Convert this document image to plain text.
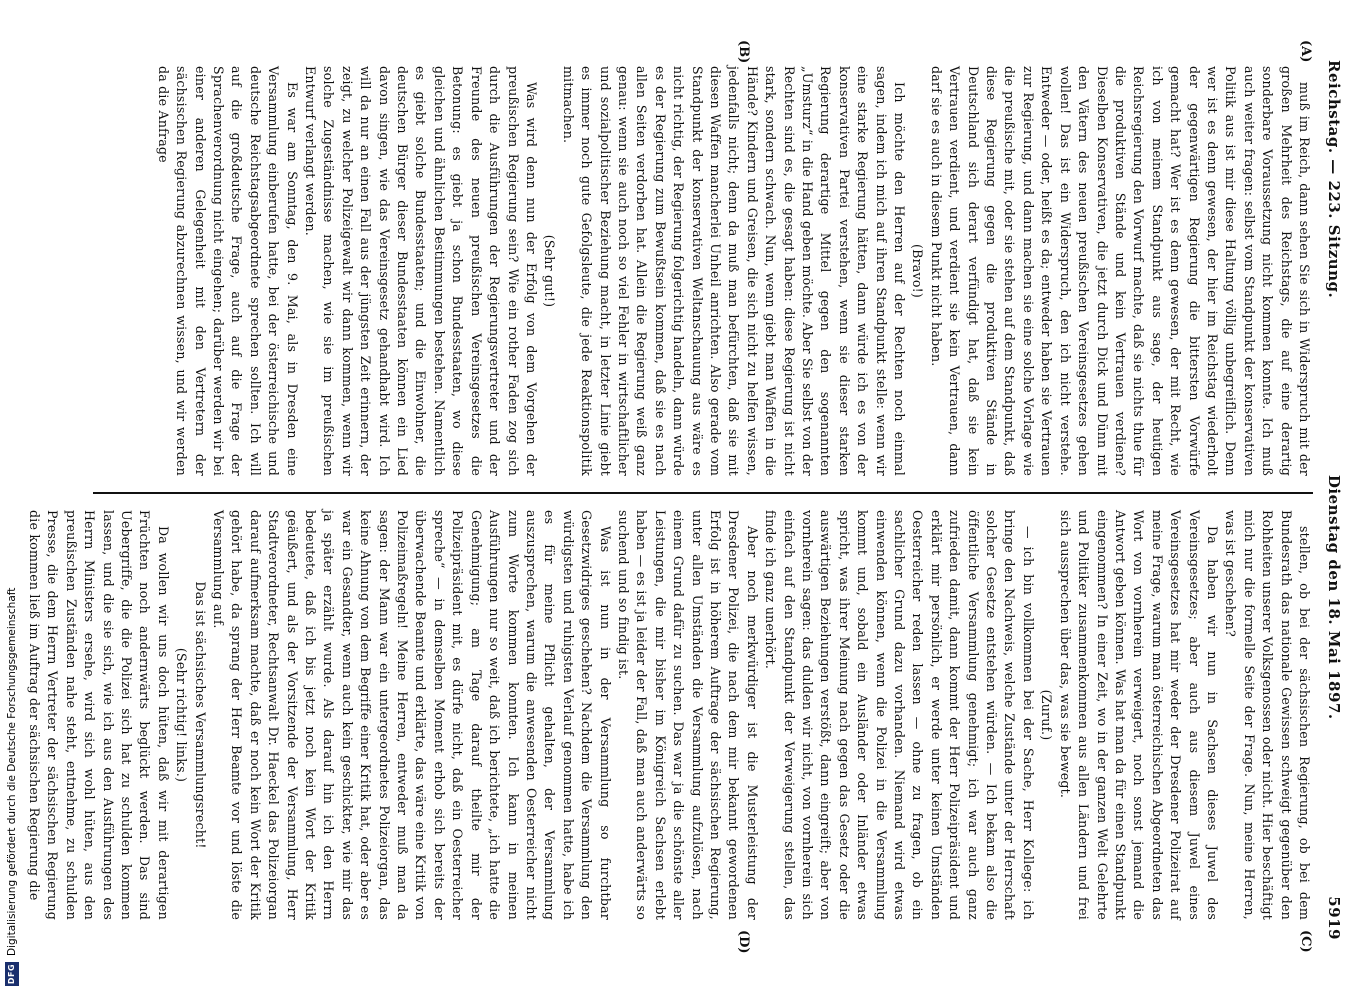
Reichstag. — 223. Sitzung.
Dienstag den 18. Mai 1897.
5919
(A)
(B)
(C)
(D)

muß im Reich, dann sehen Sie sich in Widerspruch mit der großen Mehrheit des Reichstags, die auf eine derartig sonderbare Voraussetzung nicht kommen konnte. Ich muß auch weiter fragen: selbst vom Standpunkt der konservativen Politik aus ist mir diese Haltung völlig unbegreiflich. Denn wer ist es denn gewesen, der hier im Reichstag wiederholt der gegenwärtigen Regierung die bittersten Vorwürfe gemacht hat? Wer ist es denn gewesen, der mit Recht, wie ich von meinem Standpunkt aus sage, der heutigen Reichsregierung den Vorwurf machte, daß sie nichts thue für die produktiven Stände und kein Vertrauen verdiene? Dieselben Konservativen, die jetzt durch Dick und Dünn mit den Vätern des neuen preußischen Vereinsgesetzes gehen wollen! Das ist ein Widerspruch, den ich nicht verstehe. Entweder — oder, heißt es da; entweder haben sie Vertrauen zur Regierung, und dann machen sie eine solche Vorlage wie die preußische mit, oder sie stehen auf dem Standpunkt, daß diese Regierung gegen die produktiven Stände in Deutschland sich derart verfündigt hat, daß sie kein Vertrauen verdient, und verdient sie kein Vertrauen, dann darf sie es auch in diesem Punkt nicht haben.

(Bravo!)

Ich möchte den Herren auf der Rechten noch einmal sagen, indem ich mich auf ihren Standpunkt stelle: wenn wir eine starke Regierung hätten, dann würde ich es von der konservativen Partei verstehen, wenn sie dieser starken Regierung derartige Mittel gegen den sogenannten „Umsturz“ in die Hand geben möchte. Aber Sie selbst von der Rechten sind es, die gesagt haben: diese Regierung ist nicht stark, sondern schwach. Nun, wenn giebt man Waffen in die Hände? Kindern und Greisen, die sich nicht zu helfen wissen, jedenfalls nicht; denn da muß man befürchten, daß sie mit diesen Waffen mancherlei Unheil anrichten. Also gerade vom Standpunkt der konservativen Weltanschauung aus wäre es nicht richtig, der Regierung folgerichtig handeln, dann würde es der Regierung zum Bewußtsein kommen, daß sie es nach allen Seiten verdorben hat. Allein die Regierung weiß ganz genau: wenn sie auch noch so viel Fehler in wirtschaftlicher und sozialpolitischer Beziehung macht, in letzter Linie giebt es immer noch gute Gefolgsleute, die jede Reaktionspolitik mitmachen.

(Sehr gut!)

Was wird denn nun der Erfolg von dem Vorgehen der preußischen Regierung sein? Wie ein rother Faden zog sich durch die Ausführungen der Regierungsvertreter und der Freunde des neuen preußischen Vereinsgesetzes die Betonung: es giebt ja schon Bundesstaaten, wo diese gleichen und ähnlichen Bestimmungen bestehen. Namentlich es giebt solche Bundesstaaten; und die Einwohner, die deutschen Bürger dieser Bundesstaaten können ein Lied davon singen, wie das Vereinsgesetz gehandhabt wird. Ich will da nur an einen Fall aus der jüngsten Zeit erinnern, der zeigt, zu welcher Polizeigewalt wir dann kommen, wenn wir solche Zugeständnisse machen, wie sie im preußischen Entwurf verlangt werden.

Es war am Sonntag, den 9. Mai, als in Dresden eine Versammlung einberufen hatte, bei der österreichische und deutsche Reichstagsabgeordnete sprechen sollten. Ich will auf die großdeutsche Frage, auch auf die Frage der Sprachenverordnung nicht eingehen; darüber werden wir bei einer anderen Gelegenheit mit den Vertretern der sächsischen Regierung abzurechnen wissen, und wir werden da die Anfrage

stellen, ob bei der sächsischen Regierung, ob bei dem Bundesrath das nationale Gewissen schweigt gegenüber den Rohheiten unserer Volksgenossen oder nicht. Hier beschäftigt mich nur die formelle Seite der Frage. Nun, meine Herren, was ist geschehen?

Da haben wir nun in Sachsen dieses Juwel des Vereinsgesetzes; aber auch aus diesem Juwel eines Vereinsgesetzes hat mir weder der Dresdener Polizeirat auf meine Frage, warum man österreichischen Abgeordneten das Wort von vornherein verweigert, noch sonst jemand die Antwort geben können. Was hat man da für einen Standpunkt eingenommen? In einer Zeit, wo in der ganzen Welt Gelehrte und Politiker zusammenkommen aus allen Ländern und frei sich aussprechen über das, was sie bewegt.

(Zuruf.)

— ich bin vollkommen bei der Sache, Herr Kollege: ich bringe den Nachweis, welche Zustände unter der Herrschaft solcher Gesetze entstehen würden. — Ich bekam also die öffentliche Versammlung genehmigt; ich war auch ganz zufrieden damit, dann kommt der Herr Polizeipräsident und erklärt mir persönlich, er werde unter keinen Umständen Oesterreicher reden lassen — ohne zu fragen, ob ein sachlicher Grund dazu vorhanden. Niemand wird etwas einwenden können, wenn die Polizei in die Versammlung kommt und, sobald ein Ausländer oder Inländer etwas spricht, was ihrer Meinung nach gegen das Gesetz oder die auswärtigen Beziehungen verstößt, dann eingreift; aber von vornherein sagen: das dulden wir nicht, von vornherein sich einfach auf den Standpunkt der Verweigerung stellen, das finde ich ganz unerhört.

Aber noch merkwürdiger ist die Musterleistung der Dresdener Polizei, die nach dem mir bekannt gewordenen Erfolg ist in höherem Auftrage der sächsischen Regierung, unter allen Umständen die Versammlung aufzulösen, nach einem Grund dafür zu suchen. Das war ja die schönste aller Leistungen, die mir bisher im Königreich Sachsen erlebt haben — es ist ja leider der Fall, daß man auch anderwärts so suchend und so findig ist.

Was ist nun in der Versammlung so furchtbar Gesetzwidriges geschehen? Nachdem die Versammlung den würdigsten und ruhigsten Verlauf genommen hatte, habe ich es für meine Pflicht gehalten, der Versammlung auszusprechen, warum die anwesenden Oesterreicher nicht zum Worte kommen konnten. Ich kann in meinen Ausführungen nur so weit, daß ich berichtete, „ich hatte die Genehmigung; am Tage darauf theilte mir der Polizeipräsident mit, es dürfe nicht, daß ein Oesterreicher spreche“ — in demselben Moment erhob sich bereits der überwachende Beamte und erklärte, das wäre eine Kritik von Polizeimaßregeln! Meine Herren, entweder muß man da sagen: der Mann war ein untergeordnetes Polizeiorgan, das keine Ahnung von dem Begriffe einer Kritik hat, oder aber es war ein Gesandter, wenn auch kein geschickter, wie mir das ja später erzählt wurde. Als darauf hin ich den Herrn bedeutete, daß ich bis jetzt noch kein Wort der Kritik geäußert, und als der Vorsitzende der Versammlung, Herr Stadtverordneter, Rechtsanwalt Dr. Haeckel das Polizeiorgan darauf aufmerksam machte, daß er noch kein Wort der Kritik gehört habe, da sprang der Herr Beamte vor und löste die Versammlung auf.

Das ist sächsisches Versammlungsrecht!

(Sehr richtig! links.)

Da wollen wir uns doch hüten, daß wir mit derartigen Früchten noch andernwärts beglückt werden. Das sind Uebergriffe, die die Polizei sich hat zu schulden kommen lassen, und die sie sich, wie ich aus den Ausführungen des Herrn Ministers ersehe, wird sich wohl hüten, aus den preußischen Zuständen nahe steht, entnehme, zu schulden Presse, die dem Herrn Vertreter der sächsischen Regierung die kommen ließ im Auftrag der sächsischen Regierung die

DFG
Digitalisierung gefördert durch die Deutsche Forschungsgemeinschaft
